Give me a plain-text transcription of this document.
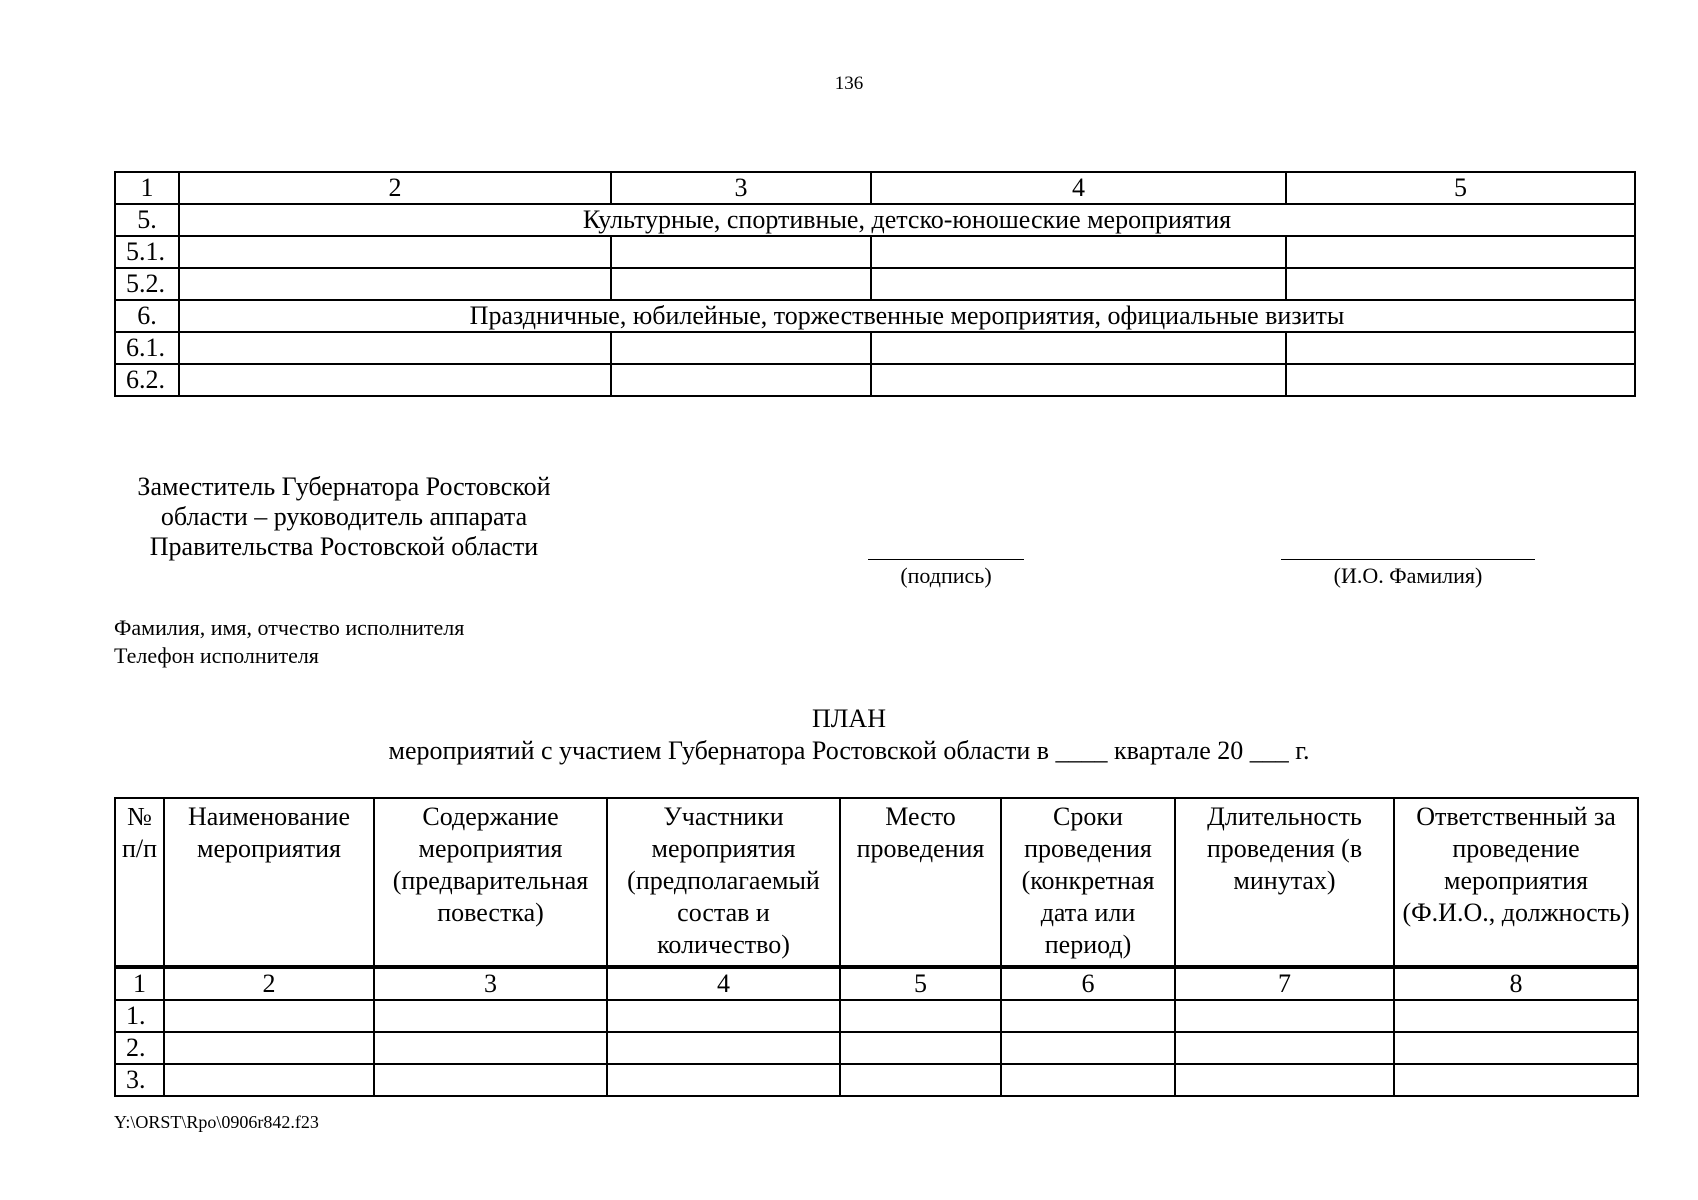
136
1	2	3	4	5
5.	Культурные, спортивные, детско-юношеские мероприятия			
5.1.				
5.2.				
6.	Праздничные, юбилейные, торжественные мероприятия, официальные визиты			
6.1.				
6.2.				
Заместитель Губернатора Ростовской
области – руководитель аппарата
Правительства Ростовской области
(подпись)	(И.О. Фамилия)
Фамилия, имя, отчество исполнителя
Телефон исполнителя
ПЛАН
мероприятий с участием Губернатора Ростовской области в ____ квартале 20 ___ г.
№ п/п	Наименование мероприятия	Содержание мероприятия (предварительная повестка)	Участники мероприятия (предполагаемый состав и количество)	Место проведения	Сроки проведения (конкретная дата или период)	Длительность проведения (в минутах)	Ответственный за проведение мероприятия (Ф.И.О., должность)
1	2	3	4	5	6	7	8
1.							
2.							
3.							
Y:\ORST\Rpo\0906r842.f23
